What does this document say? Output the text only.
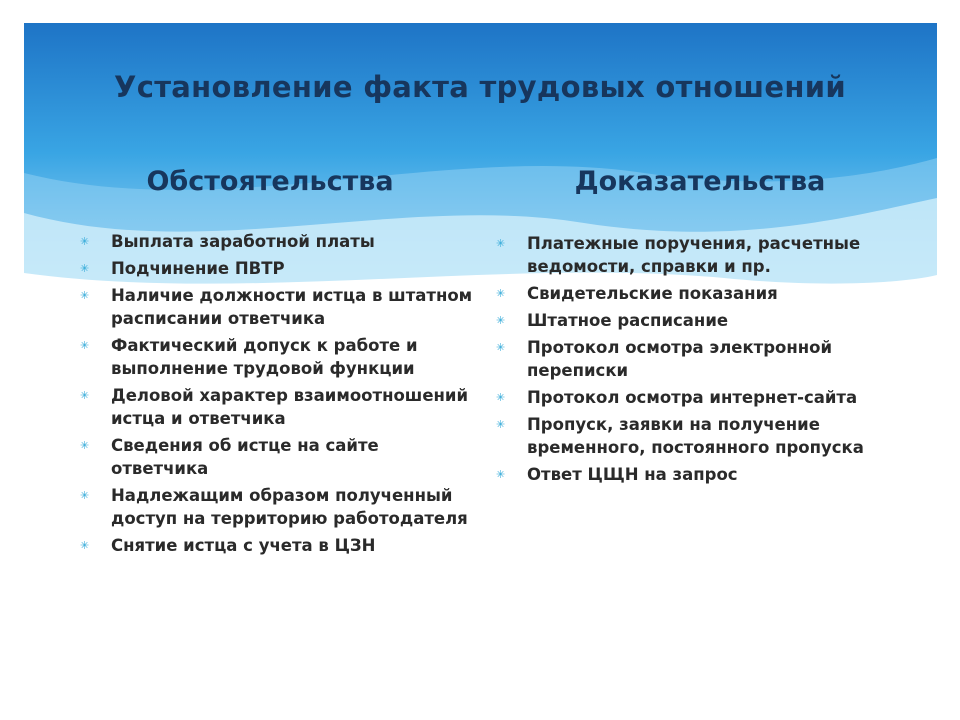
Установление факта трудовых отношений
Обстоятельства	Доказательства
✳ Выплата заработной платы
✳ Подчинение ПВТР
✳ Наличие должности истца в штатном расписании ответчика
✳ Фактический допуск к работе и выполнение трудовой функции
✳ Деловой характер взаимоотношений истца и ответчика
✳ Сведения об истце на сайте ответчика
✳ Надлежащим образом полученный доступ на территорию работодателя
✳ Снятие истца с учета в ЦЗН
✳ Платежные поручения, расчетные ведомости, справки и пр.
✳ Свидетельские показания
✳ Штатное расписание
✳ Протокол осмотра электронной переписки
✳ Протокол осмотра интернет-сайта
✳ Пропуск, заявки на получение временного, постоянного пропуска
✳ Ответ ЦЩН на запрос
